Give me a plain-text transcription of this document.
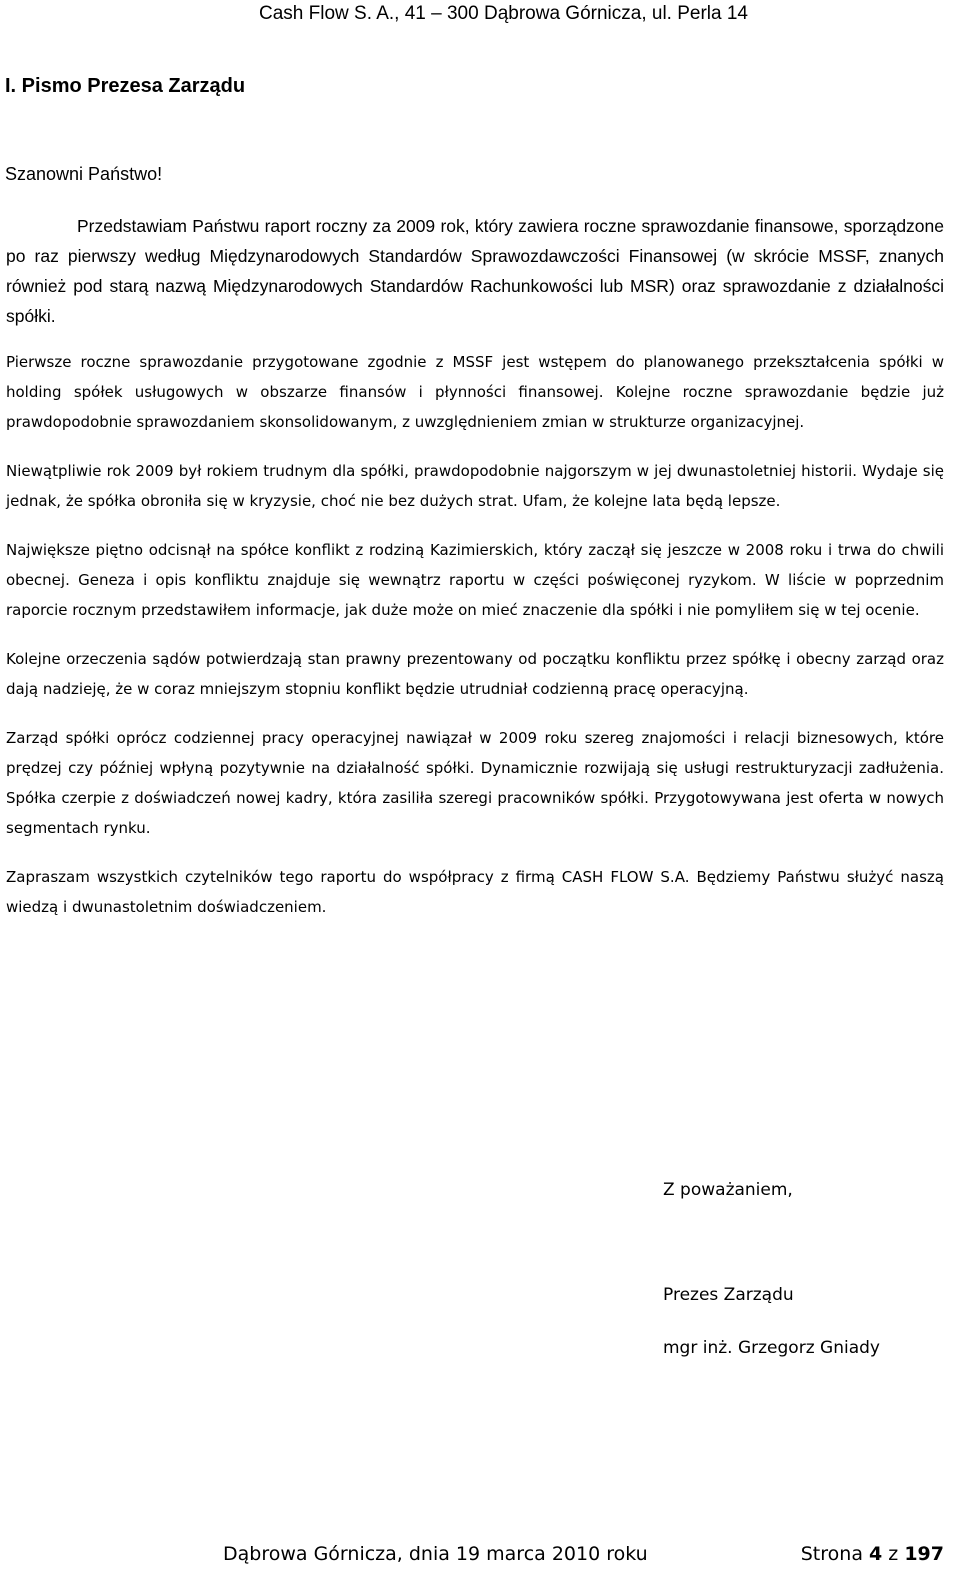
Cash Flow S. A., 41 – 300 Dąbrowa Górnicza, ul. Perla 14
I. Pismo Prezesa Zarządu
Szanowni Państwo!

Przedstawiam Państwu raport roczny za 2009 rok, który zawiera roczne sprawozdanie finansowe, sporządzone po raz pierwszy według Międzynarodowych Standardów Sprawozdawczości Finansowej (w skrócie MSSF, znanych również pod starą nazwą Międzynarodowych Standardów Rachunkowości lub MSR) oraz sprawozdanie z działalności spółki.

Pierwsze roczne sprawozdanie przygotowane zgodnie z MSSF jest wstępem do planowanego przekształcenia spółki w holding spółek usługowych w obszarze finansów i płynności finansowej. Kolejne roczne sprawozdanie będzie już prawdopodobnie sprawozdaniem skonsolidowanym, z uwzględnieniem zmian w strukturze organizacyjnej.

Niewątpliwie rok 2009 był rokiem trudnym dla spółki, prawdopodobnie najgorszym w jej dwunastoletniej historii. Wydaje się jednak, że spółka obroniła się w kryzysie, choć nie bez dużych strat. Ufam, że kolejne lata będą lepsze.

Największe piętno odcisnął na spółce konflikt z rodziną Kazimierskich, który zaczął się jeszcze w 2008 roku i trwa do chwili obecnej. Geneza i opis konfliktu znajduje się wewnątrz raportu w części poświęconej ryzykom. W liście w poprzednim raporcie rocznym przedstawiłem informacje, jak duże może on mieć znaczenie dla spółki i nie pomyliłem się w tej ocenie.

Kolejne orzeczenia sądów potwierdzają stan prawny prezentowany od początku konfliktu przez spółkę i obecny zarząd oraz dają nadzieję, że w coraz mniejszym stopniu konflikt będzie utrudniał codzienną pracę operacyjną.

Zarząd spółki oprócz codziennej pracy operacyjnej nawiązał w 2009 roku szereg znajomości i relacji biznesowych, które prędzej czy później wpłyną pozytywnie na działalność spółki. Dynamicznie rozwijają się usługi restrukturyzacji zadłużenia. Spółka czerpie z doświadczeń nowej kadry, która zasiliła szeregi pracowników spółki. Przygotowywana jest oferta w nowych segmentach rynku.

Zapraszam wszystkich czytelników tego raportu do współpracy z firmą CASH FLOW S.A. Będziemy Państwu służyć naszą wiedzą i dwunastoletnim doświadczeniem.

Z poważaniem,
Prezes Zarządu
mgr inż. Grzegorz Gniady
Dąbrowa Górnicza, dnia 19 marca 2010 roku	Strona 4 z 197
